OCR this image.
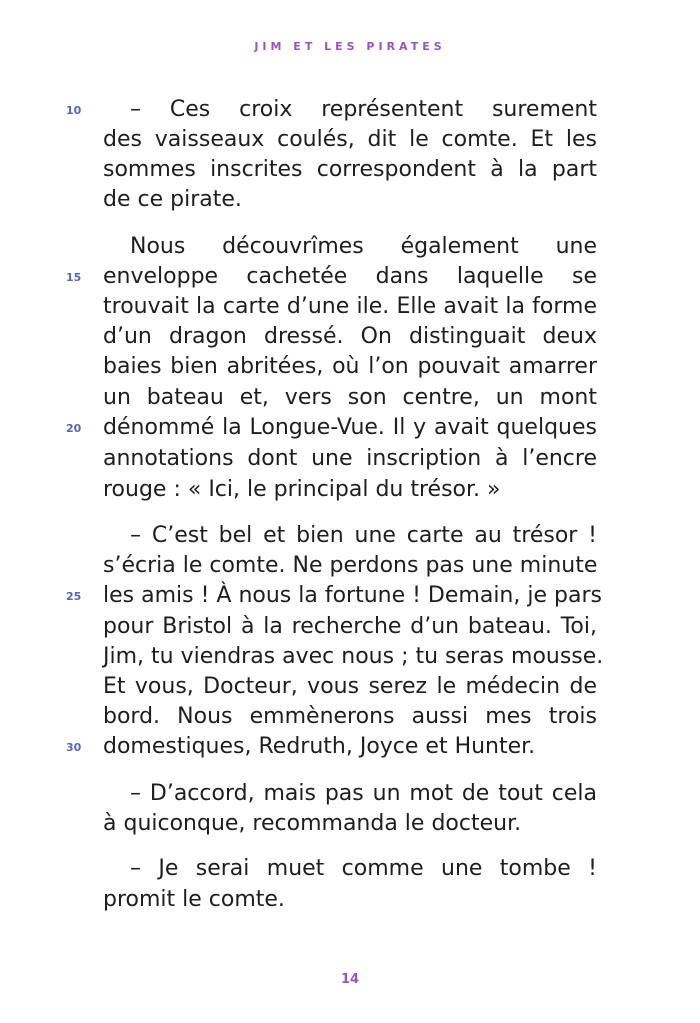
JIM ET LES PIRATES
– Ces croix représentent surement
des vaisseaux coulés, dit le comte. Et les
sommes inscrites correspondent à la part
de ce pirate.
Nous découvrîmes également une
enveloppe cachetée dans laquelle se
trouvait la carte d’une ile. Elle avait la forme
d’un dragon dressé. On distinguait deux
baies bien abritées, où l’on pouvait amarrer
un bateau et, vers son centre, un mont
dénommé la Longue-Vue. Il y avait quelques
annotations dont une inscription à l’encre
rouge : « Ici, le principal du trésor. »
– C’est bel et bien une carte au trésor !
s’écria le comte. Ne perdons pas une minute
les amis ! À nous la fortune ! Demain, je pars
pour Bristol à la recherche d’un bateau. Toi,
Jim, tu viendras avec nous ; tu seras mousse.
Et vous, Docteur, vous serez le médecin de
bord. Nous emmènerons aussi mes trois
domestiques, Redruth, Joyce et Hunter.
– D’accord, mais pas un mot de tout cela
à quiconque, recommanda le docteur.
– Je serai muet comme une tombe !
promit le comte.
10
15
20
25
30
14
